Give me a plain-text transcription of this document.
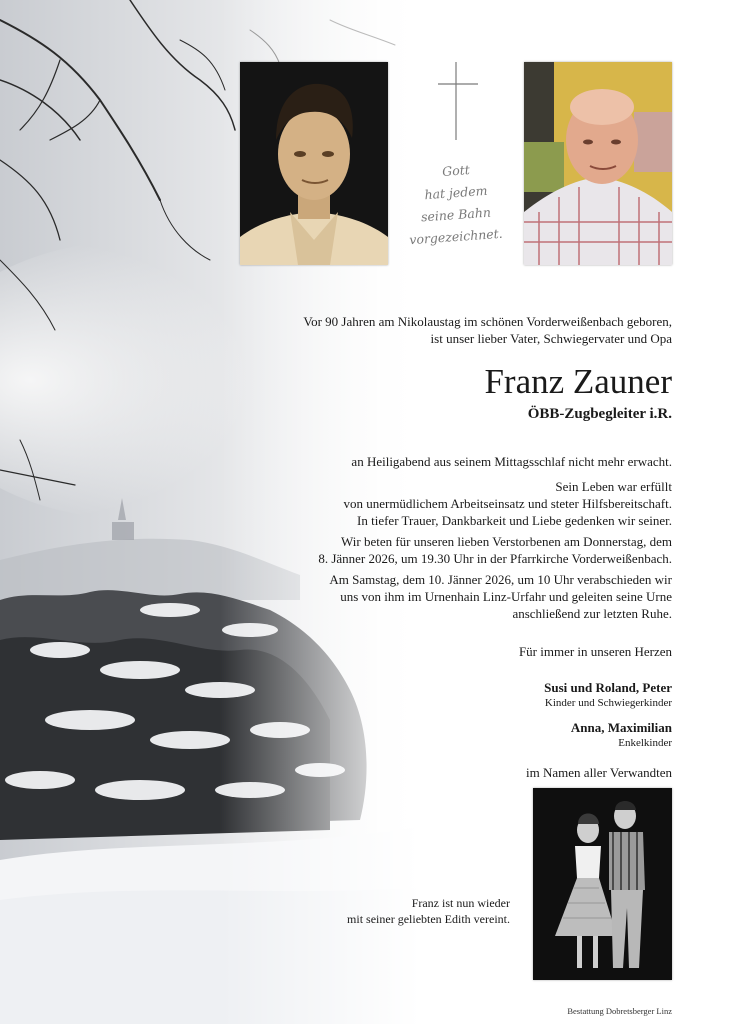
Gott
hat jedem
seine Bahn
vorgezeichnet.
Vor 90 Jahren am Nikolaustag im schönen Vorderweißenbach geboren,
ist unser lieber Vater, Schwiegervater und Opa
Franz Zauner
ÖBB-Zugbegleiter i.R.
an Heiligabend aus seinem Mittagsschlaf nicht mehr erwacht.
Sein Leben war erfüllt
von unermüdlichem Arbeitseinsatz und steter Hilfsbereitschaft.
In tiefer Trauer, Dankbarkeit und Liebe gedenken wir seiner.
Wir beten für unseren lieben Verstorbenen am Donnerstag, dem
8. Jänner 2026, um 19.30 Uhr in der Pfarrkirche Vorderweißenbach.
Am Samstag, dem 10. Jänner 2026, um 10 Uhr verabschieden wir
uns von ihm im Urnenhain Linz-Urfahr und geleiten seine Urne
anschließend zur letzten Ruhe.
Für immer in unseren Herzen
Susi und Roland, Peter
Kinder und Schwiegerkinder
Anna, Maximilian
Enkelkinder
im Namen aller Verwandten
Franz ist nun wieder
mit seiner geliebten Edith vereint.
Bestattung Dobretsberger Linz
